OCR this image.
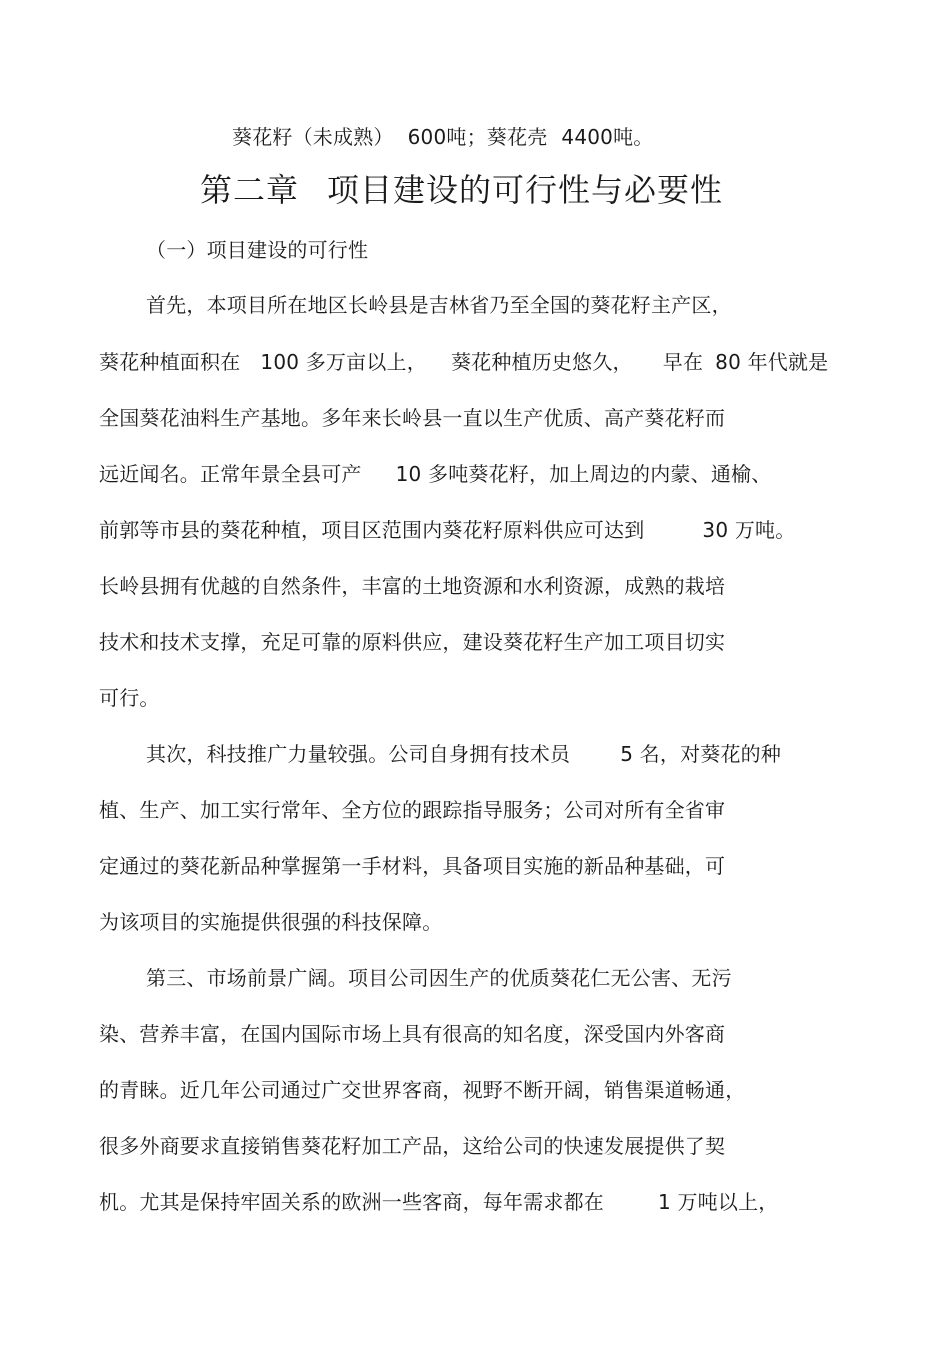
葵花籽（未成熟） 600吨；葵花壳 4400吨。

第二章 项目建设的可行性与必要性

（一）项目建设的可行性

首先，本项目所在地区长岭县是吉林省乃至全国的葵花籽主产区，

葵花种植面积在 100 多万亩以上， 葵花种植历史悠久， 早在 80 年代就是

全国葵花油料生产基地。多年来长岭县一直以生产优质、高产葵花籽而

远近闻名。正常年景全县可产 10 多吨葵花籽，加上周边的内蒙、通榆、

前郭等市县的葵花种植，项目区范围内葵花籽原料供应可达到	30 万吨。

长岭县拥有优越的自然条件，丰富的土地资源和水利资源，成熟的栽培

技术和技术支撑，充足可靠的原料供应，建设葵花籽生产加工项目切实

可行。

其次，科技推广力量较强。公司自身拥有技术员	5 名，对葵花的种

植、生产、加工实行常年、全方位的跟踪指导服务；公司对所有全省审

定通过的葵花新品种掌握第一手材料，具备项目实施的新品种基础，可

为该项目的实施提供很强的科技保障。

第三、市场前景广阔。项目公司因生产的优质葵花仁无公害、无污

染、营养丰富，在国内国际市场上具有很高的知名度，深受国内外客商

的青睐。近几年公司通过广交世界客商，视野不断开阔，销售渠道畅通，

很多外商要求直接销售葵花籽加工产品，这给公司的快速发展提供了契

机。尤其是保持牢固关系的欧洲一些客商，每年需求都在	1 万吨以上，
